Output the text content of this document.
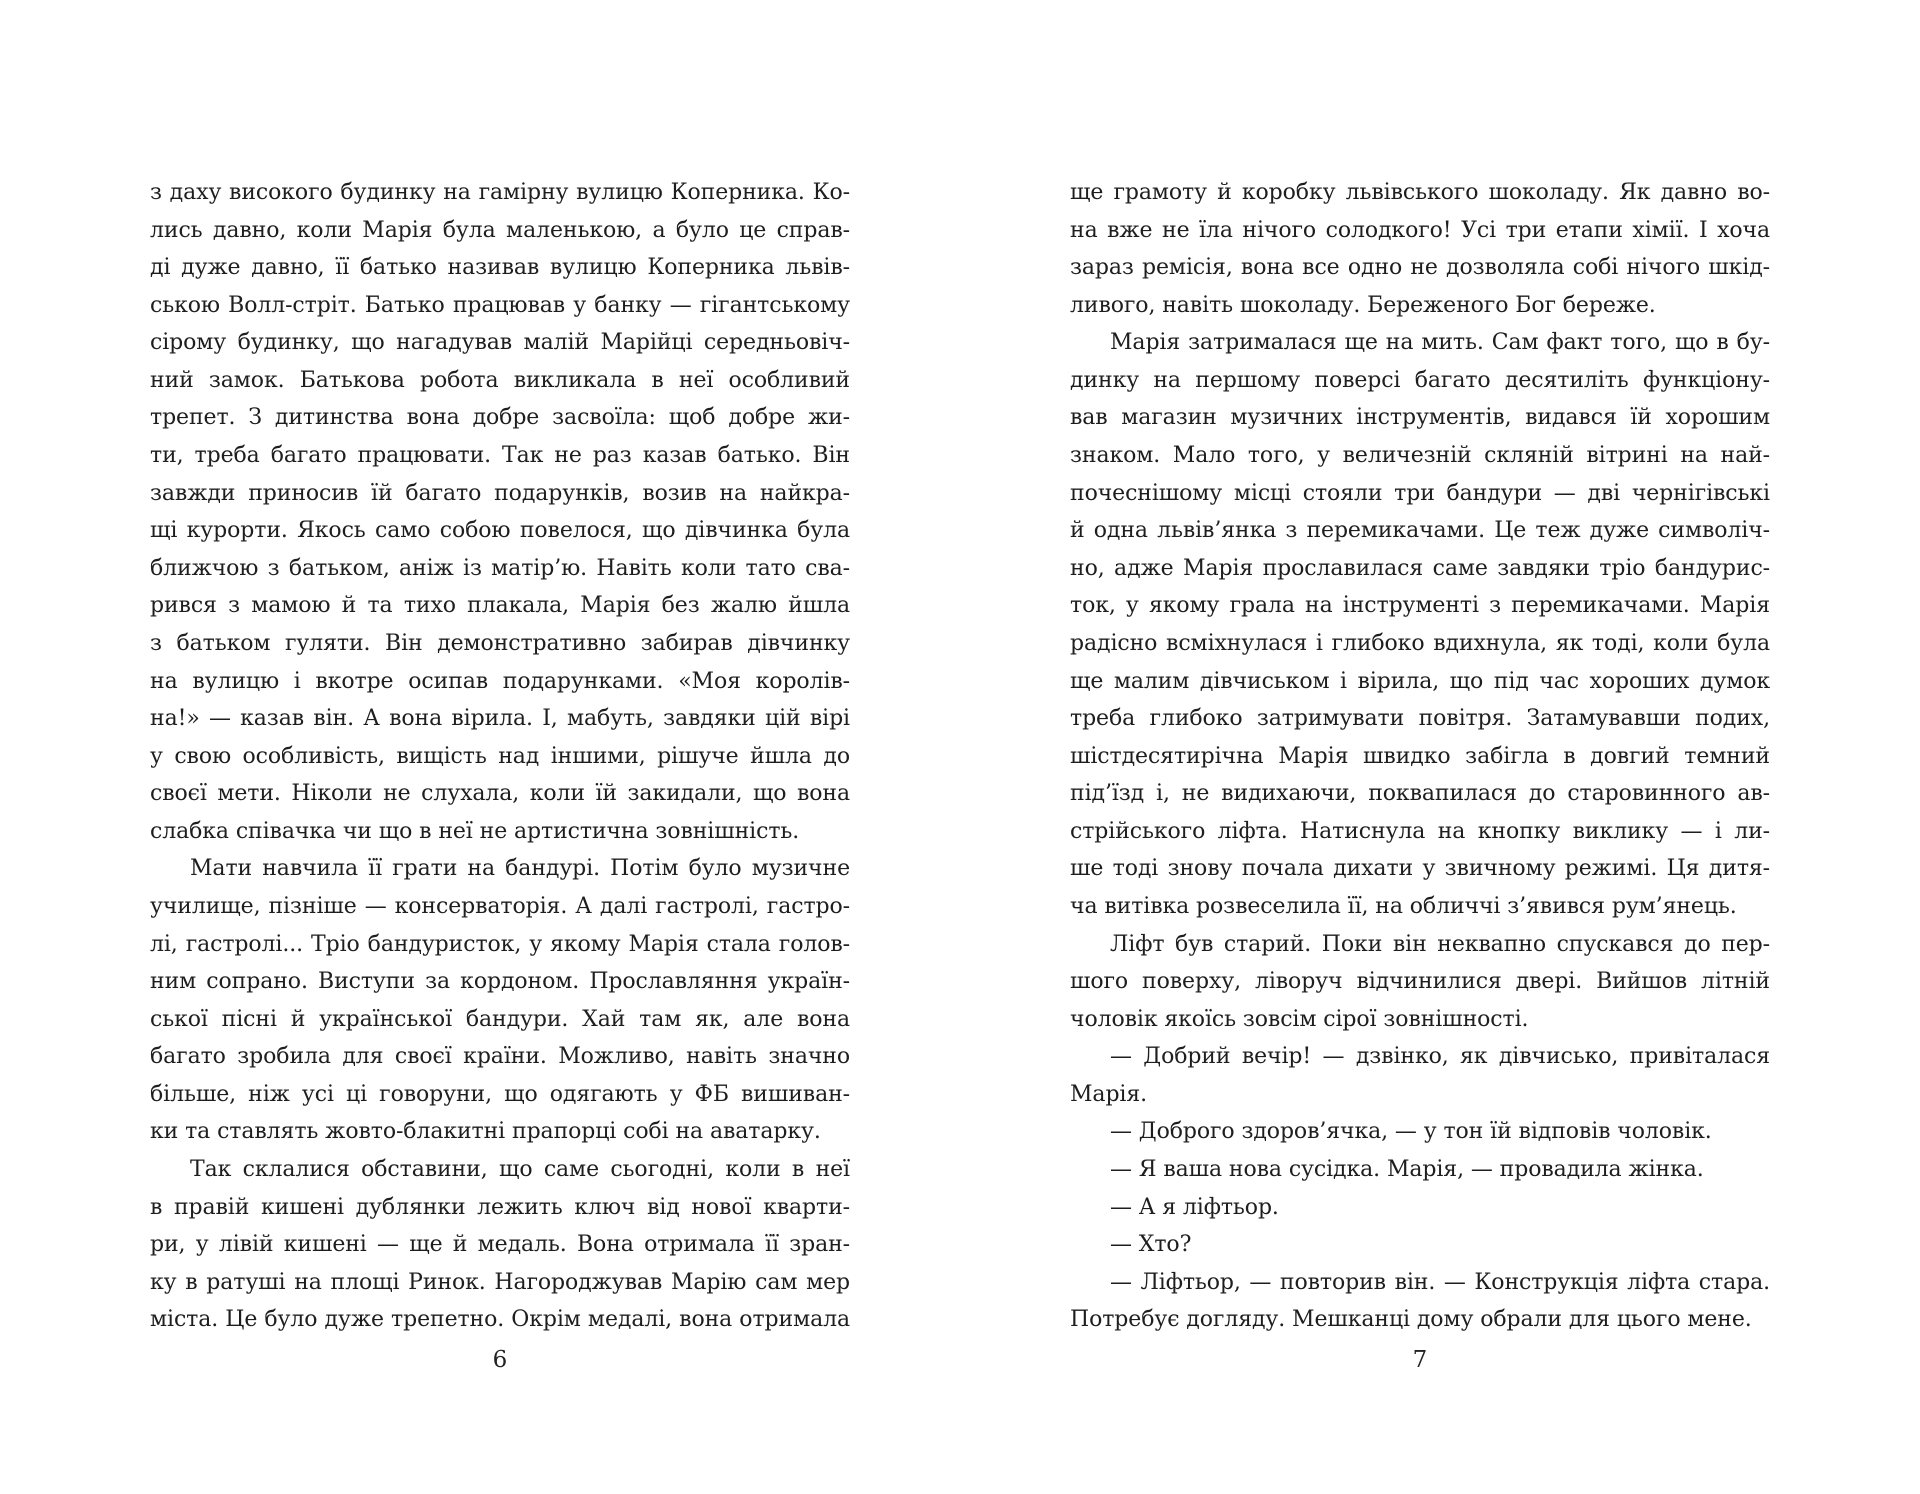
з даху високого будинку на гамірну вулицю Коперника. Ко-
лись давно, коли Марія була маленькою, а було це справ-
ді дуже давно, її батько називав вулицю Коперника львів-
ською Волл-стріт. Батько працював у банку — гігантському
сірому будинку, що нагадував малій Марійці середньовіч-
ний замок. Батькова робота викликала в неї особливий
трепет. З дитинства вона добре засвоїла: щоб добре жи-
ти, треба багато працювати. Так не раз казав батько. Він
завжди приносив їй багато подарунків, возив на найкра-
щі курорти. Якось само собою повелося, що дівчинка була
ближчою з батьком, аніж із матір’ю. Навіть коли тато сва-
рився з мамою й та тихо плакала, Марія без жалю йшла
з батьком гуляти. Він демонстративно забирав дівчинку
на вулицю і вкотре осипав подарунками. «Моя королів-
на!» — казав він. А вона вірила. І, мабуть, завдяки цій вірі
у свою особливість, вищість над іншими, рішуче йшла до
своєї мети. Ніколи не слухала, коли їй закидали, що вона
слабка співачка чи що в неї не артистична зовнішність.
Мати навчила її грати на бандурі. Потім було музичне
училище, пізніше — консерваторія. А далі гастролі, гастро-
лі, гастролі... Тріо бандуристок, у якому Марія стала голов-
ним сопрано. Виступи за кордоном. Прославляння україн-
ської пісні й української бандури. Хай там як, але вона
багато зробила для своєї країни. Можливо, навіть значно
більше, ніж усі ці говоруни, що одягають у ФБ вишиван-
ки та ставлять жовто-блакитні прапорці собі на аватарку.
Так склалися обставини, що саме сьогодні, коли в неї
в правій кишені дублянки лежить ключ від нової кварти-
ри, у лівій кишені — ще й медаль. Вона отримала її зран-
ку в ратуші на площі Ринок. Нагороджував Марію сам мер
міста. Це було дуже трепетно. Окрім медалі, вона отримала
ще грамоту й коробку львівського шоколаду. Як давно во-
на вже не їла нічого солодкого! Усі три етапи хімії. І хоча
зараз ремісія, вона все одно не дозволяла собі нічого шкід-
ливого, навіть шоколаду. Береженого Бог береже.
Марія затрималася ще на мить. Сам факт того, що в бу-
динку на першому поверсі багато десятиліть функціону-
вав магазин музичних інструментів, видався їй хорошим
знаком. Мало того, у величезній скляній вітрині на най-
почеснішому місці стояли три бандури — дві чернігівські
й одна львів’янка з перемикачами. Це теж дуже символіч-
но, адже Марія прославилася саме завдяки тріо бандурис-
ток, у якому грала на інструменті з перемикачами. Марія
радісно всміхнулася і глибоко вдихнула, як тоді, коли була
ще малим дівчиськом і вірила, що під час хороших думок
треба глибоко затримувати повітря. Затамувавши подих,
шістдесятирічна Марія швидко забігла в довгий темний
під’їзд і, не видихаючи, поквапилася до старовинного ав-
стрійського ліфта. Натиснула на кнопку виклику — і ли-
ше тоді знову почала дихати у звичному режимі. Ця дитя-
ча витівка розвеселила її, на обличчі з’явився рум’янець.
Ліфт був старий. Поки він неквапно спускався до пер-
шого поверху, ліворуч відчинилися двері. Вийшов літній
чоловік якоїсь зовсім сірої зовнішності.
— Добрий вечір! — дзвінко, як дівчисько, привіталася
Марія.
— Доброго здоров’ячка, — у тон їй відповів чоловік.
— Я ваша нова сусідка. Марія, — провадила жінка.
— А я ліфтьор.
— Хто?
— Ліфтьор, — повторив він. — Конструкція ліфта стара.
Потребує догляду. Мешканці дому обрали для цього мене.
6	7
